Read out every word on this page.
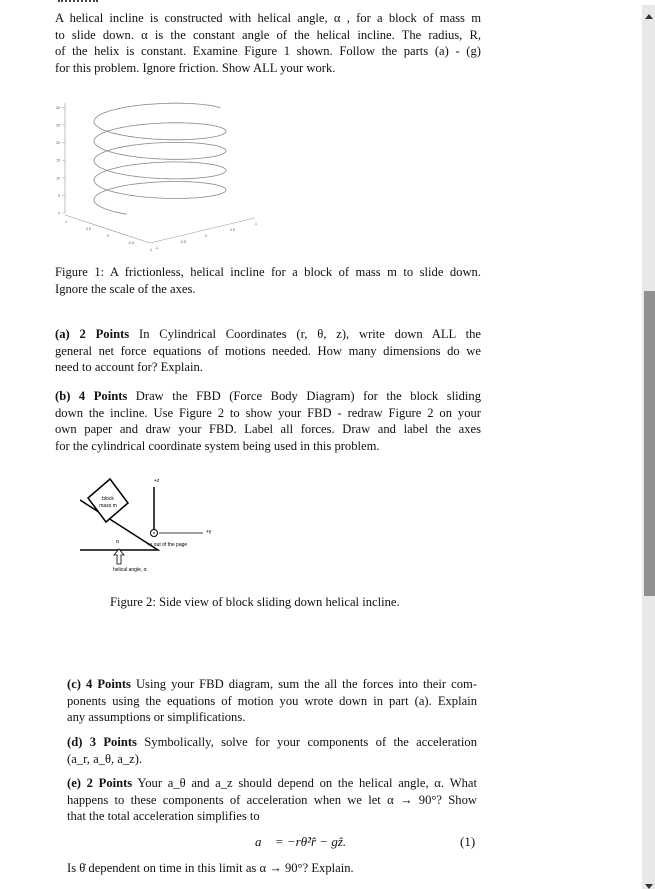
A helical incline is constructed with helical angle, α , for a block of mass m
to slide down. α is the constant angle of the helical incline. The radius, R,
of the helix is constant. Examine Figure 1 shown. Follow the parts (a) - (g)
for this problem. Ignore friction. Show ALL your work.
0
5
10
15
20
25
30
1
0.5
0
-0.5
-1 -1
-0.5
0
0.5
1
Figure 1: A frictionless, helical incline for a block of mass m to slide down.
Ignore the scale of the axes.
(a) 2 Points In Cylindrical Coordinates (r, θ, z), write down ALL the
general net force equations of motions needed. How many dimensions do we
need to account for? Explain.
(b) 4 Points Draw the FBD (Force Body Diagram) for the block sliding
down the incline. Use Figure 2 to show your FBD - redraw Figure 2 on your
own paper and draw your FBD. Label all forces. Draw and label the axes
for the cylindrical coordinate system being used in this problem.
block
mass m
α
helical angle, α
+z
+y
+x out of the page
Figure 2: Side view of block sliding down helical incline.
(c) 4 Points Using your FBD diagram, sum the all the forces into their com-
ponents using the equations of motion you wrote down in part (a). Explain
any assumptions or simplifications.
(d) 3 Points Symbolically, solve for your components of the acceleration
(a_r, a_θ, a_z).
(e) 2 Points Your a_θ and a_z should depend on the helical angle, α. What
happens to these components of acceleration when we let α → 90°? Show
that the total acceleration simplifies to
a⃗ = −rθ̇²r̂ − gẑ.	(1)
Is θ̇ dependent on time in this limit as α → 90°? Explain.
